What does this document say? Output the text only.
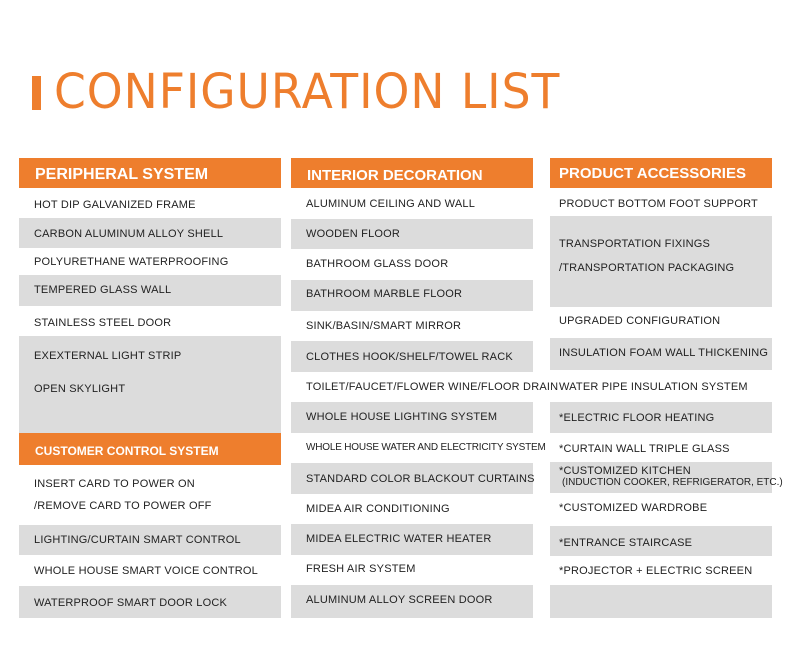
CONFIGURATION LIST
PERIPHERAL SYSTEM
HOT DIP GALVANIZED FRAME
CARBON ALUMINUM ALLOY SHELL
POLYURETHANE WATERPROOFING
TEMPERED GLASS WALL
STAINLESS STEEL DOOR
EXEXTERNAL LIGHT STRIP
OPEN SKYLIGHT
CUSTOMER CONTROL SYSTEM
INSERT CARD TO POWER ON
/REMOVE CARD TO POWER OFF
LIGHTING/CURTAIN SMART CONTROL
WHOLE HOUSE SMART VOICE CONTROL
WATERPROOF SMART DOOR LOCK
INTERIOR DECORATION
ALUMINUM CEILING AND WALL
WOODEN FLOOR
BATHROOM GLASS DOOR
BATHROOM MARBLE FLOOR
SINK/BASIN/SMART MIRROR
CLOTHES HOOK/SHELF/TOWEL RACK
TOILET/FAUCET/FLOWER WINE/FLOOR DRAIN
WHOLE HOUSE LIGHTING SYSTEM
WHOLE HOUSE WATER AND ELECTRICITY SYSTEM
STANDARD COLOR BLACKOUT CURTAINS
MIDEA AIR CONDITIONING
MIDEA ELECTRIC WATER HEATER
FRESH AIR SYSTEM
ALUMINUM ALLOY SCREEN DOOR
PRODUCT ACCESSORIES
PRODUCT BOTTOM FOOT SUPPORT
TRANSPORTATION FIXINGS
/TRANSPORTATION PACKAGING
UPGRADED CONFIGURATION
INSULATION FOAM WALL THICKENING
WATER PIPE INSULATION SYSTEM
*ELECTRIC FLOOR HEATING
*CURTAIN WALL TRIPLE GLASS
*CUSTOMIZED KITCHEN
(INDUCTION COOKER, REFRIGERATOR, ETC.)
*CUSTOMIZED WARDROBE
*ENTRANCE STAIRCASE
*PROJECTOR + ELECTRIC SCREEN
